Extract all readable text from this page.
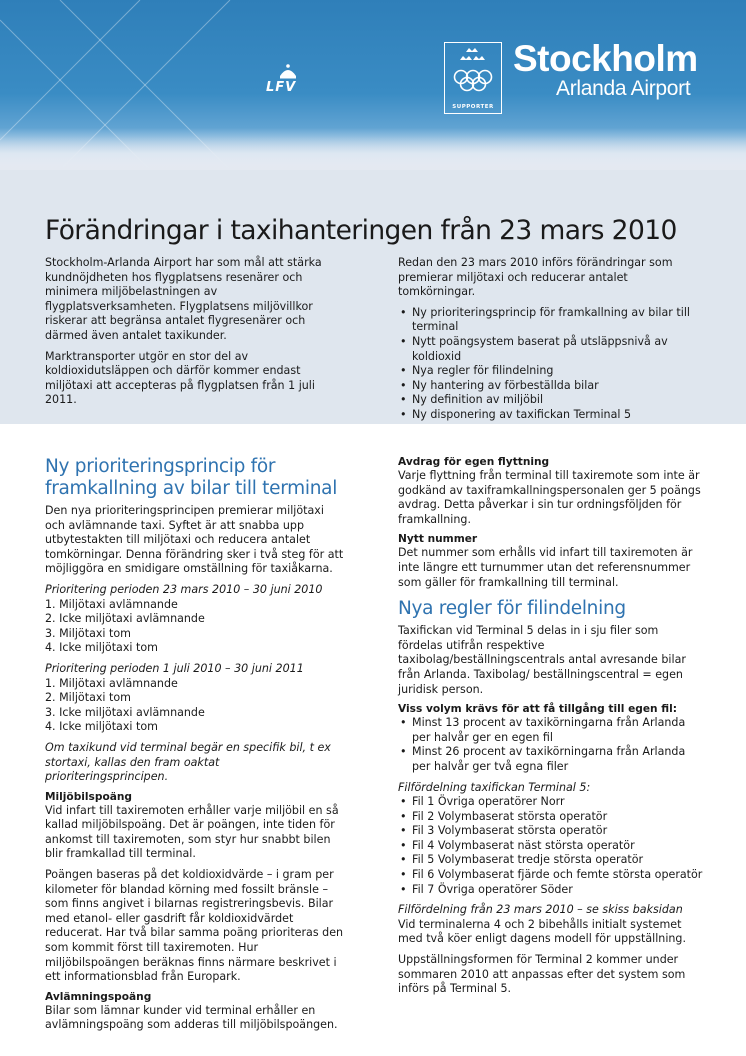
LFV
SUPPORTER
Stockholm
Arlanda Airport
Förändringar i taxihanteringen från 23 mars 2010

Stockholm-Arlanda Airport har som mål att stärka kundnöjdheten hos flygplatsens resenärer och minimera miljöbelastningen av flygplatsverksamheten. Flygplatsens miljövillkor riskerar att begränsa antalet flygresenärer och därmed även antalet taxikunder.

Marktransporter utgör en stor del av koldioxidutsläppen och därför kommer endast miljötaxi att accepteras på flygplatsen från 1 juli 2011.

Redan den 23 mars 2010 införs förändringar som premierar miljötaxi och reducerar antalet tomkörningar.

• Ny prioriteringsprincip för framkallning av bilar till terminal
• Nytt poängsystem baserat på utsläppsnivå av koldioxid
• Nya regler för filindelning
• Ny hantering av förbeställda bilar
• Ny definition av miljöbil
• Ny disponering av taxifickan Terminal 5
Ny prioriteringsprincip för framkallning av bilar till terminal

Den nya prioriteringsprincipen premierar miljötaxi och avlämnande taxi. Syftet är att snabba upp utbytestakten till miljötaxi och reducera antalet tomkörningar. Denna förändring sker i två steg för att möjliggöra en smidigare omställning för taxiåkarna.

Prioritering perioden 23 mars 2010 – 30 juni 2010
1. Miljötaxi avlämnande
2. Icke miljötaxi avlämnande
3. Miljötaxi tom
4. Icke miljötaxi tom
Prioritering perioden 1 juli 2010 – 30 juni 2011
1. Miljötaxi avlämnande
2. Miljötaxi tom
3. Icke miljötaxi avlämnande
4. Icke miljötaxi tom

Om taxikund vid terminal begär en specifik bil, t ex stortaxi, kallas den fram oaktat prioriteringsprincipen.

Miljöbilspoäng

Vid infart till taxiremoten erhåller varje miljöbil en så kallad miljöbilspoäng. Det är poängen, inte tiden för ankomst till taxiremoten, som styr hur snabbt bilen blir framkallad till terminal.

Poängen baseras på det koldioxidvärde – i gram per kilometer för blandad körning med fossilt bränsle – som finns angivet i bilarnas registreringsbevis. Bilar med etanol- eller gasdrift får koldioxidvärdet reducerat. Har två bilar samma poäng prioriteras den som kommit först till taxiremoten. Hur miljöbilspoängen beräknas finns närmare beskrivet i ett informationsblad från Europark.

Avlämningspoäng

Bilar som lämnar kunder vid terminal erhåller en avlämningspoäng som adderas till miljöbilspoängen.

Avdrag för egen flyttning

Varje flyttning från terminal till taxiremote som inte är godkänd av taxiframkallningspersonalen ger 5 poängs avdrag. Detta påverkar i sin tur ordningsföljden för framkallning.

Nytt nummer

Det nummer som erhålls vid infart till taxiremoten är inte längre ett turnummer utan det referensnummer som gäller för framkallning till terminal.

Nya regler för filindelning

Taxifickan vid Terminal 5 delas in i sju filer som fördelas utifrån respektive taxibolag/beställningscentrals antal avresande bilar från Arlanda. Taxibolag/ beställningscentral = egen juridisk person.

Viss volym krävs för att få tillgång till egen fil:
• Minst 13 procent av taxikörningarna från Arlanda per halvår ger en egen fil
• Minst 26 procent av taxikörningarna från Arlanda per halvår ger två egna filer
Filfördelning taxifickan Terminal 5:
• Fil 1 Övriga operatörer Norr
• Fil 2 Volymbaserat största operatör
• Fil 3 Volymbaserat största operatör
• Fil 4 Volymbaserat näst största operatör
• Fil 5 Volymbaserat tredje största operatör
• Fil 6 Volymbaserat fjärde och femte största operatör
• Fil 7 Övriga operatörer Söder
Filfördelning från 23 mars 2010 – se skiss baksidan

Vid terminalerna 4 och 2 bibehålls initialt systemet med två köer enligt dagens modell för uppställning.

Uppställningsformen för Terminal 2 kommer under sommaren 2010 att anpassas efter det system som införs på Terminal 5.
